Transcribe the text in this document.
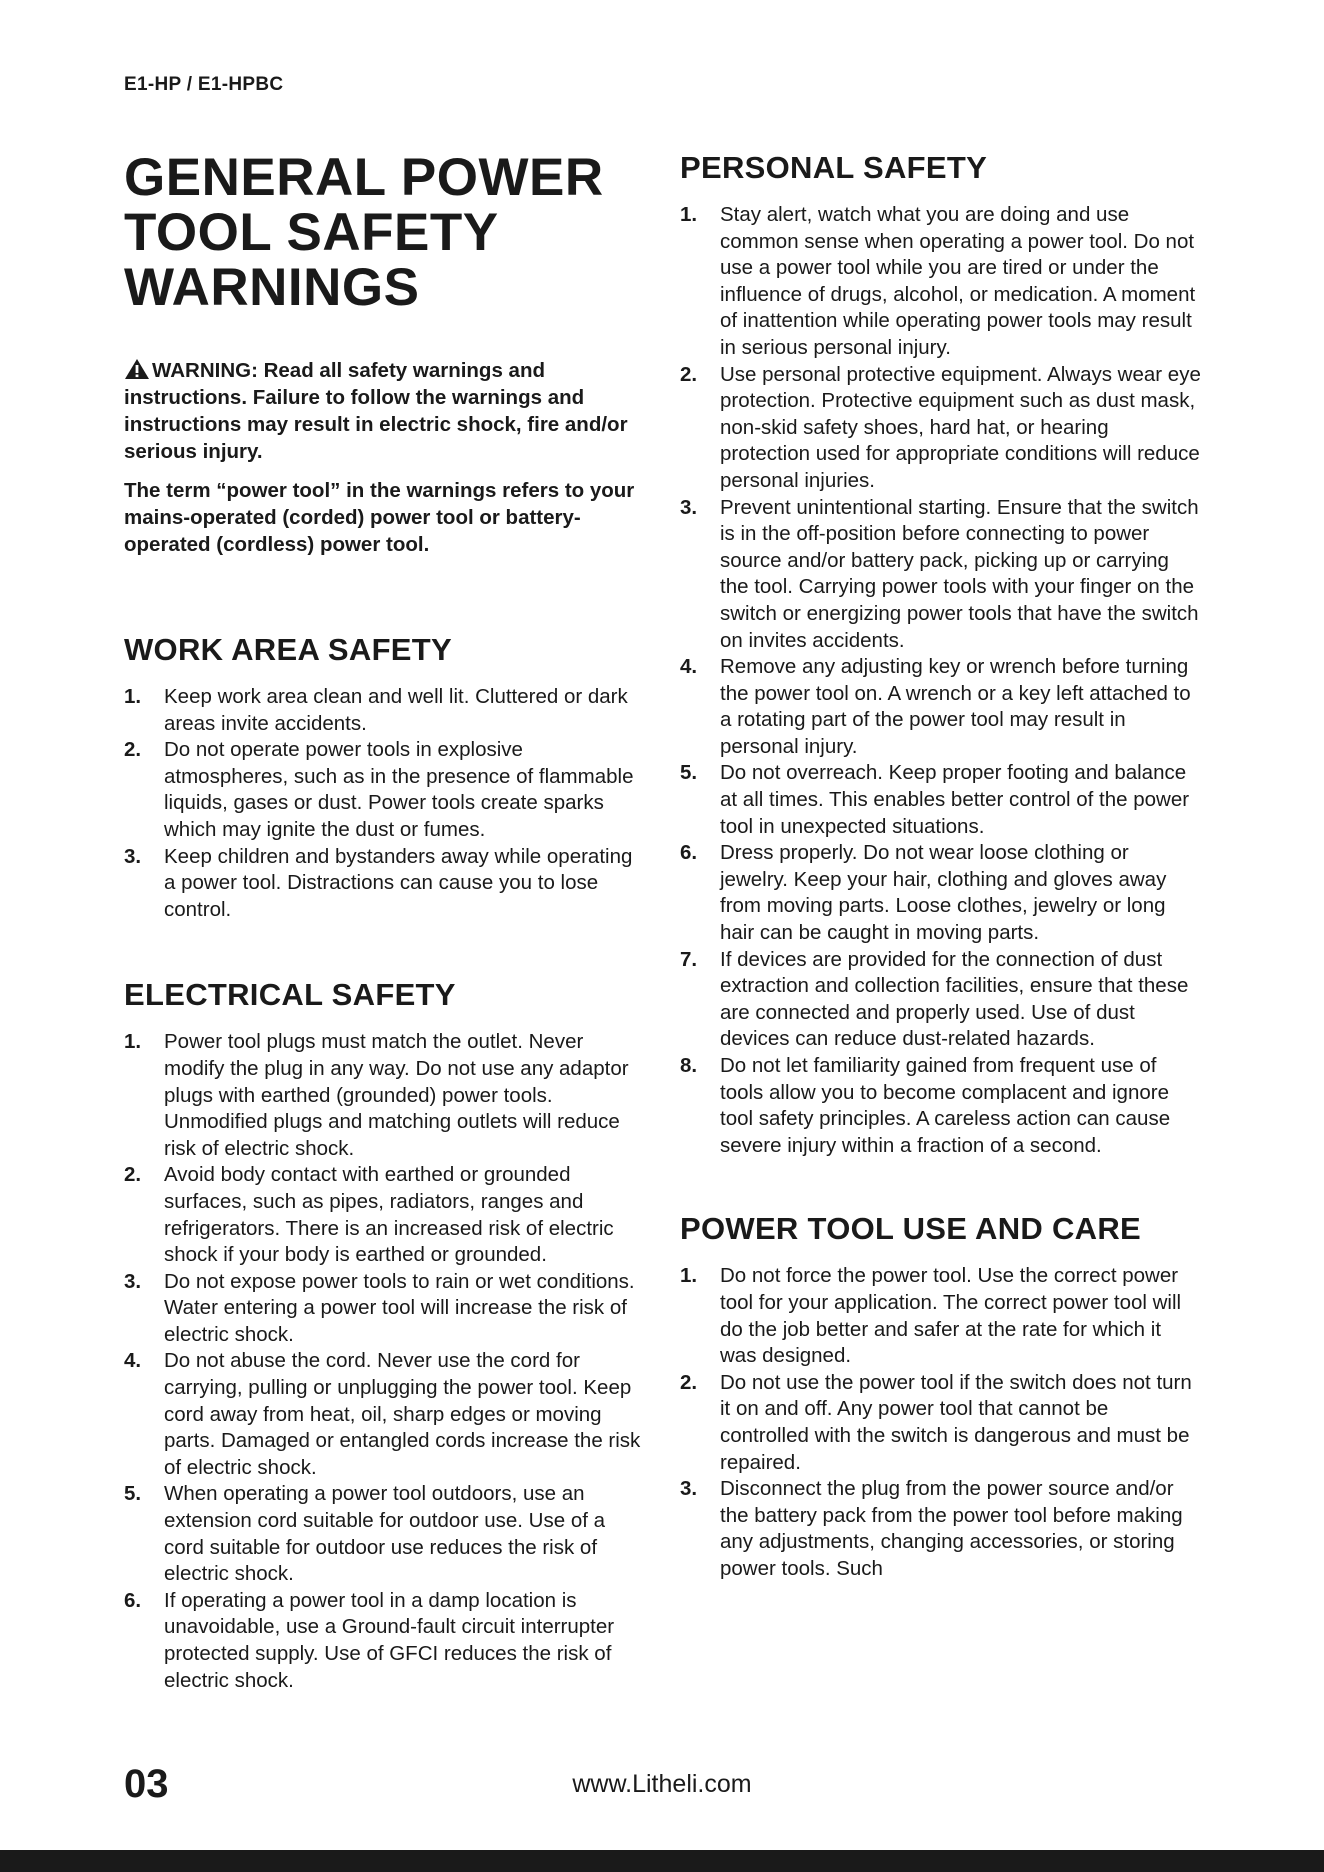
E1-HP / E1-HPBC
GENERAL POWER
TOOL SAFETY
WARNINGS
WARNING: Read all safety warnings and instructions. Failure to follow the warnings and instructions may result in electric shock, fire and/or serious injury.
The term “power tool” in the warnings refers to your mains-operated (corded) power tool or battery-operated (cordless) power tool.
WORK AREA SAFETY
1.	Keep work area clean and well lit. Cluttered or dark areas invite accidents.
2.	Do not operate power tools in explosive atmospheres, such as in the presence of flammable liquids, gases or dust. Power tools create sparks which may ignite the dust or fumes.
3.	Keep children and bystanders away while operating a power tool. Distractions can cause you to lose control.
ELECTRICAL SAFETY
1.	Power tool plugs must match the outlet. Never modify the plug in any way. Do not use any adaptor plugs with earthed (grounded) power tools. Unmodified plugs and matching outlets will reduce risk of electric shock.
2.	Avoid body contact with earthed or grounded surfaces, such as pipes, radiators, ranges and refrigerators. There is an increased risk of electric shock if your body is earthed or grounded.
3.	Do not expose power tools to rain or wet conditions. Water entering a power tool will increase the risk of electric shock.
4.	Do not abuse the cord. Never use the cord for carrying, pulling or unplugging the power tool. Keep cord away from heat, oil, sharp edges or moving parts. Damaged or entangled cords increase the risk of electric shock.
5.	When operating a power tool outdoors, use an extension cord suitable for outdoor use. Use of a cord suitable for outdoor use reduces the risk of electric shock.
6.	If operating a power tool in a damp location is unavoidable, use a Ground-fault circuit interrupter protected supply. Use of GFCI reduces the risk of electric shock.
PERSONAL SAFETY
1.	Stay alert, watch what you are doing and use common sense when operating a power tool. Do not use a power tool while you are tired or under the influence of drugs, alcohol, or medication. A moment of inattention while operating power tools may result in serious personal injury.
2.	Use personal protective equipment. Always wear eye protection. Protective equipment such as dust mask, non-skid safety shoes, hard hat, or hearing protection used for appropriate conditions will reduce personal injuries.
3.	Prevent unintentional starting. Ensure that the switch is in the off-position before connecting to power source and/or battery pack, picking up or carrying the tool. Carrying power tools with your finger on the switch or energizing power tools that have the switch on invites accidents.
4.	Remove any adjusting key or wrench before turning the power tool on. A wrench or a key left attached to a rotating part of the power tool may result in personal injury.
5.	Do not overreach. Keep proper footing and balance at all times. This enables better control of the power tool in unexpected situations.
6.	Dress properly. Do not wear loose clothing or jewelry. Keep your hair, clothing and gloves away from moving parts. Loose clothes, jewelry or long hair can be caught in moving parts.
7.	If devices are provided for the connection of dust extraction and collection facilities, ensure that these are connected and properly used. Use of dust devices can reduce dust-related hazards.
8.	Do not let familiarity gained from frequent use of tools allow you to become complacent and ignore tool safety principles. A careless action can cause severe injury within a fraction of a second.
POWER TOOL USE AND CARE
1.	Do not force the power tool. Use the correct power tool for your application. The correct power tool will do the job better and safer at the rate for which it was designed.
2.	Do not use the power tool if the switch does not turn it on and off. Any power tool that cannot be controlled with the switch is dangerous and must be repaired.
3.	Disconnect the plug from the power source and/or the battery pack from the power tool before making any adjustments, changing accessories, or storing power tools. Such
03	www.Litheli.com
